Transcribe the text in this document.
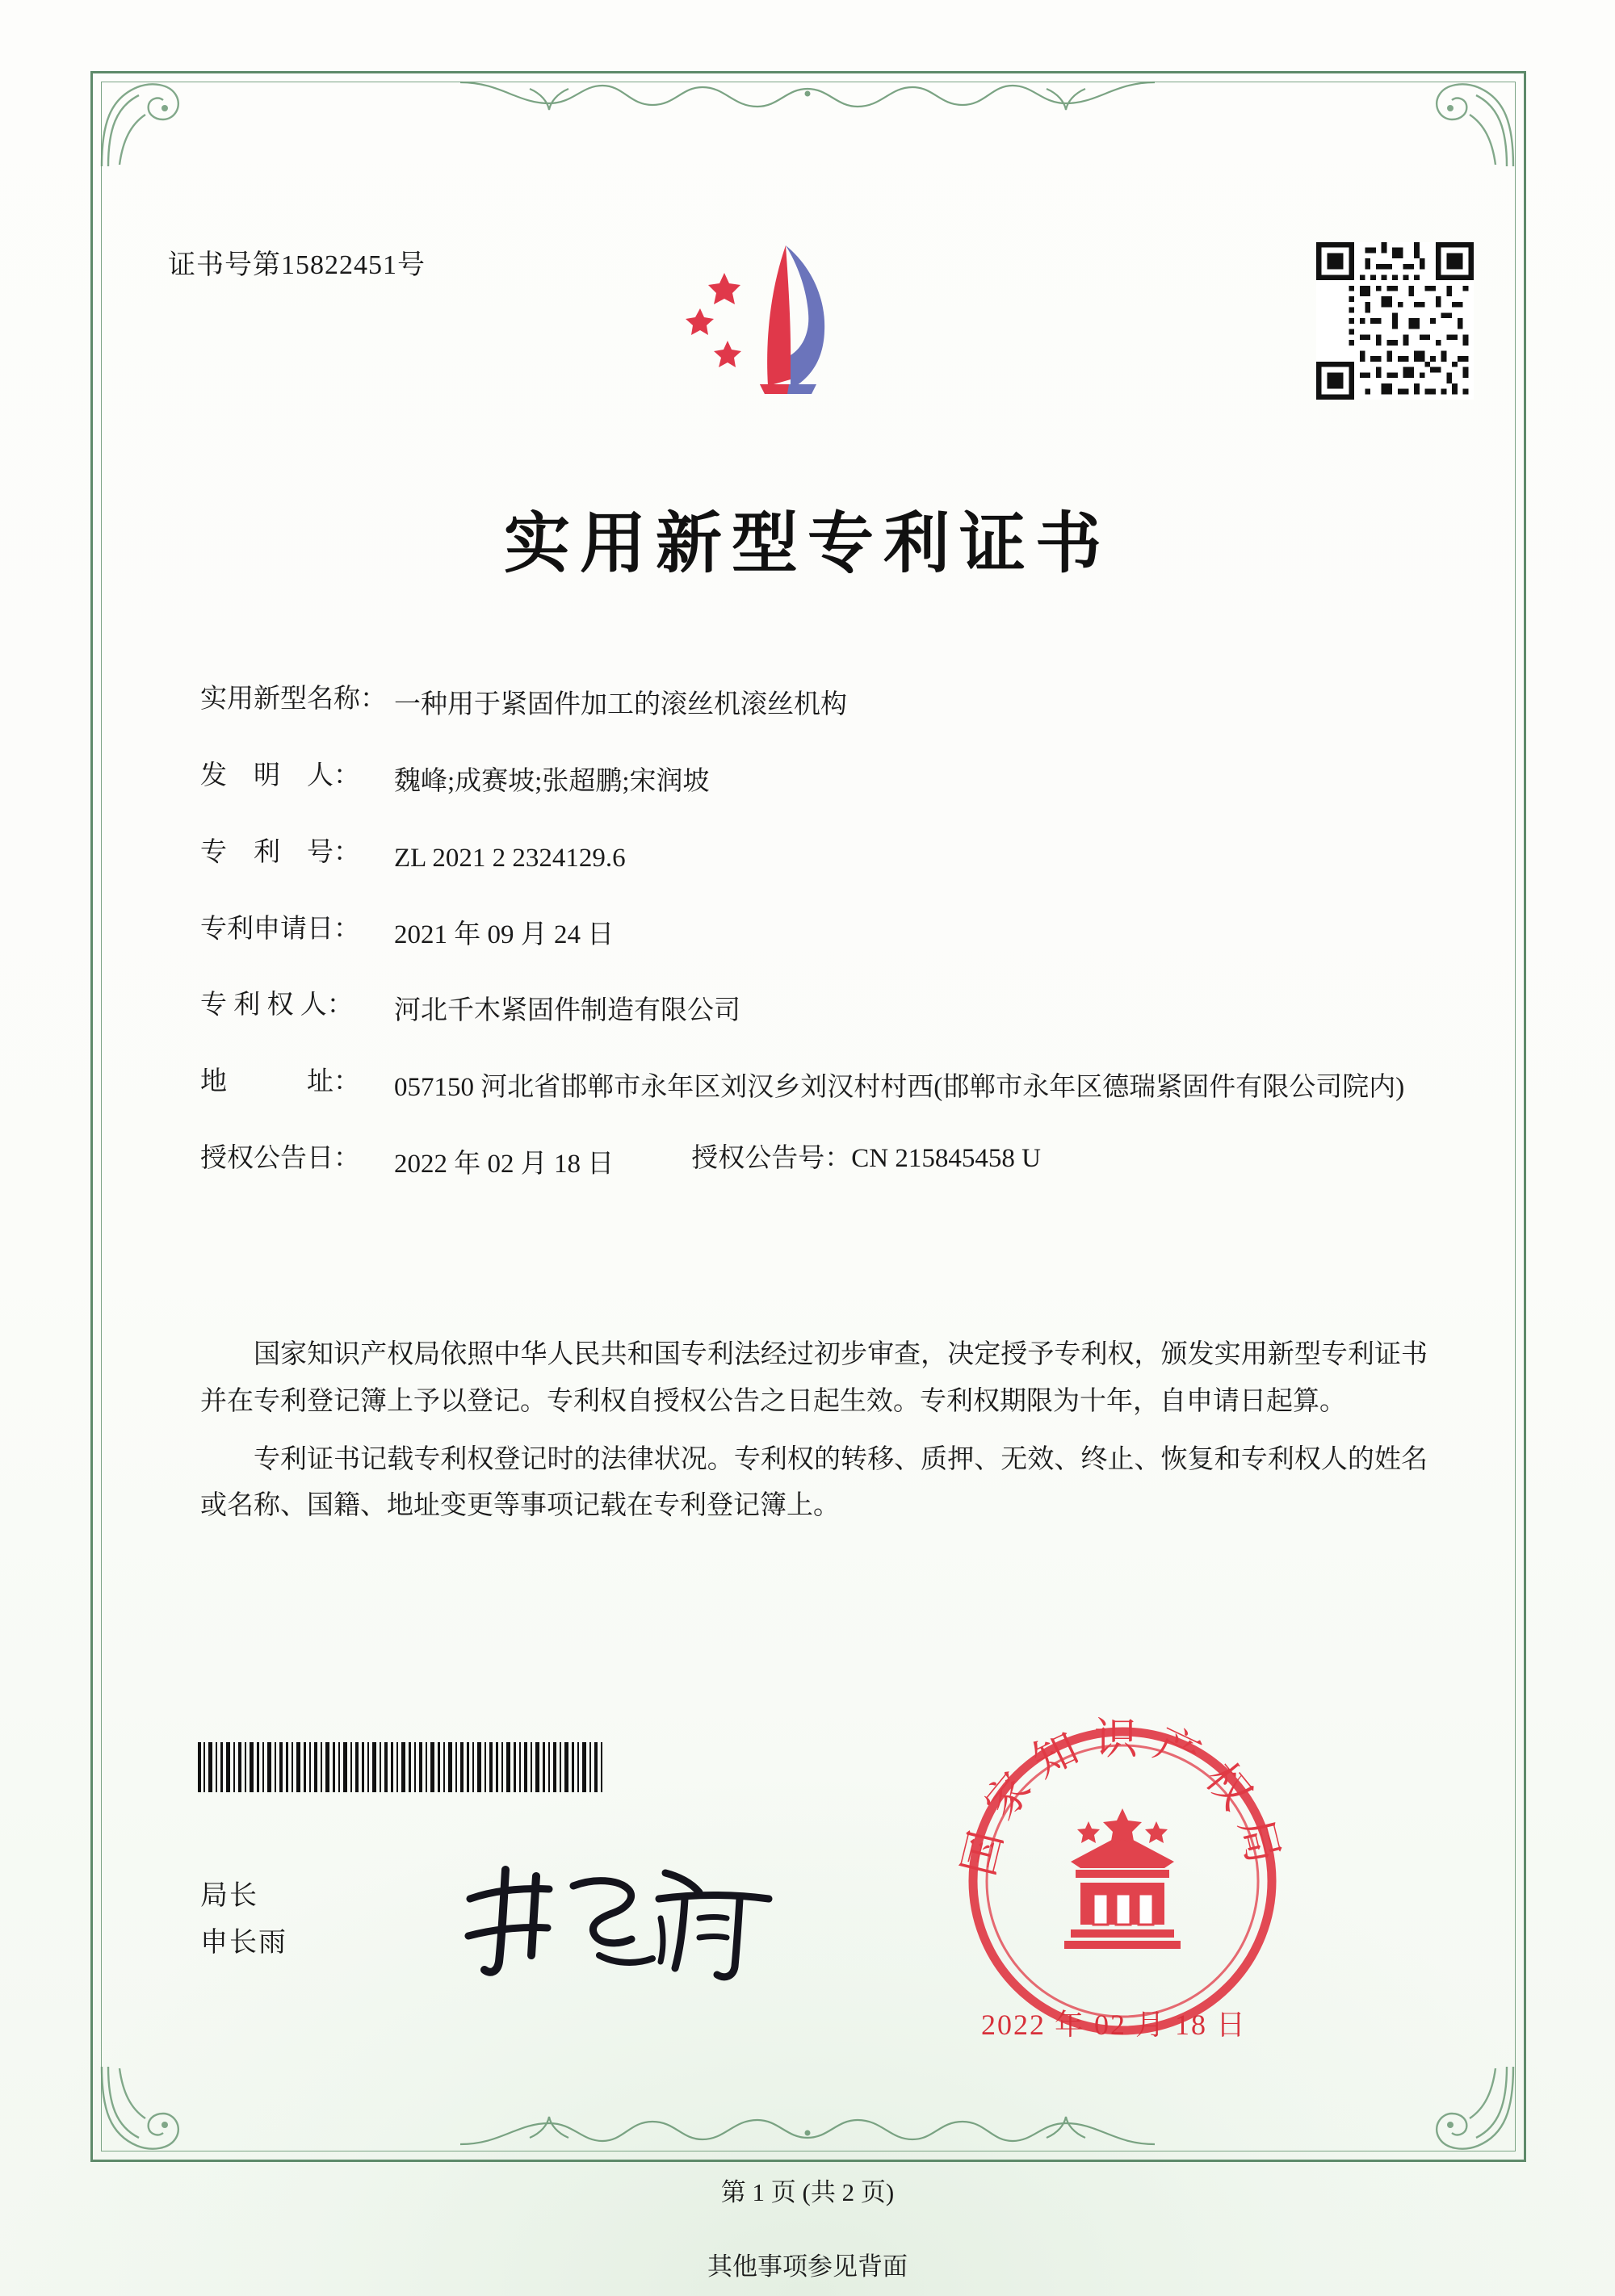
证书号第15822451号
实用新型专利证书
实用新型名称： 一种用于紧固件加工的滚丝机滚丝机构
发　明　人：	魏峰;成赛坡;张超鹏;宋润坡
专　利　号：	ZL 2021 2 2324129.6
专利申请日：	2021 年 09 月 24 日
专 利 权 人：	河北千木紧固件制造有限公司
地　　　址：	057150 河北省邯郸市永年区刘汉乡刘汉村村西(邯郸市永年区德瑞紧固件有限公司院内)
授权公告日：	2022 年 02 月 18 日	授权公告号： CN 215845458 U

国家知识产权局依照中华人民共和国专利法经过初步审查，决定授予专利权，颁发实用新型专利证书并在专利登记簿上予以登记。专利权自授权公告之日起生效。专利权期限为十年，自申请日起算。

专利证书记载专利权登记时的法律状况。专利权的转移、质押、无效、终止、恢复和专利权人的姓名或名称、国籍、地址变更等事项记载在专利登记簿上。

局长
申长雨
国家知识产权局
2022 年 02 月 18 日
第 1 页 (共 2 页)
其他事项参见背面
